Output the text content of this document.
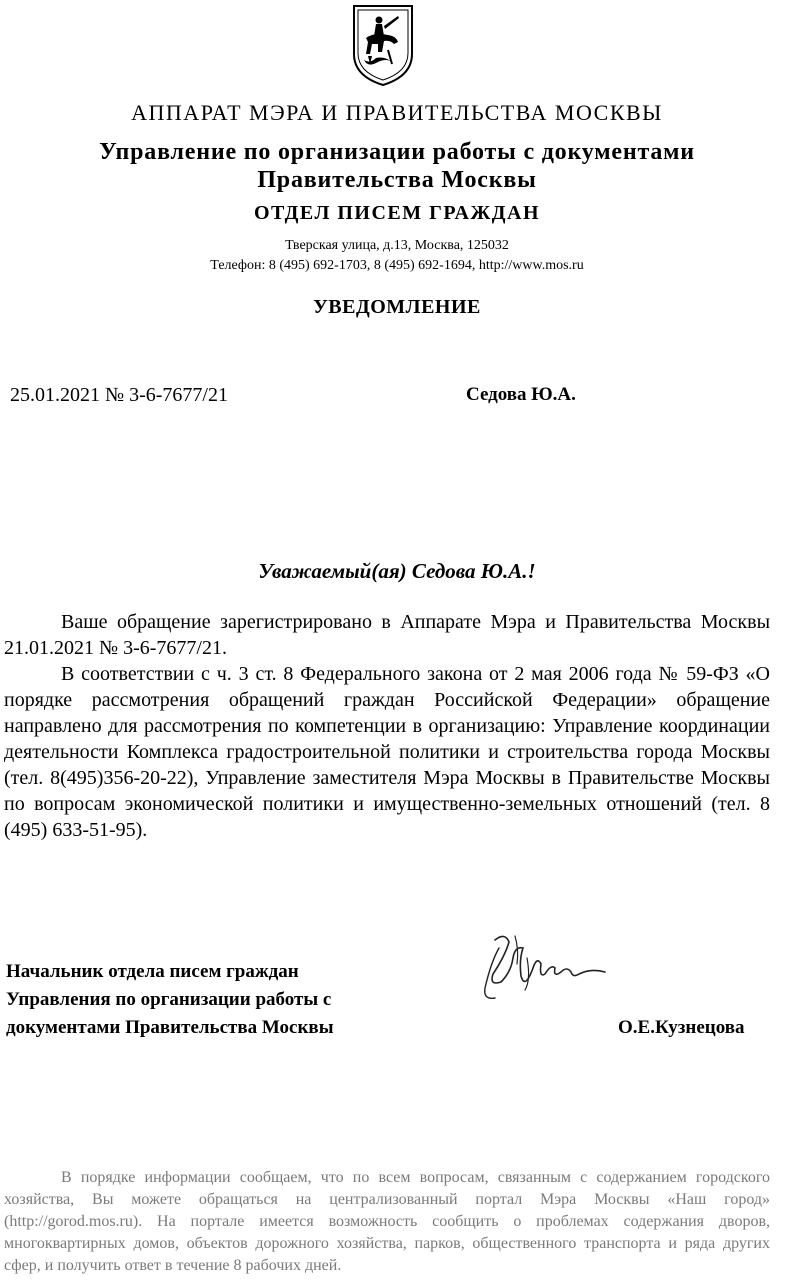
АППАРАТ МЭРА И ПРАВИТЕЛЬСТВА МОСКВЫ
Управление по организации работы с документами
Правительства Москвы
ОТДЕЛ ПИСЕМ ГРАЖДАН
Тверская улица, д.13, Москва, 125032
Телефон: 8 (495) 692-1703, 8 (495) 692-1694, http://www.mos.ru
УВЕДОМЛЕНИЕ
25.01.2021 № 3-6-7677/21	Седова Ю.А.
Уважаемый(ая) Седова Ю.А.!

Ваше обращение зарегистрировано в Аппарате Мэра и Правительства Москвы 21.01.2021 № 3-6-7677/21.

В соответствии с ч. 3 ст. 8 Федерального закона от 2 мая 2006 года № 59-ФЗ «О порядке рассмотрения обращений граждан Российской Федерации» обращение направлено для рассмотрения по компетенции в организацию: Управление координации деятельности Комплекса градостроительной политики и строительства города Москвы (тел. 8(495)356-20-22), Управление заместителя Мэра Москвы в Правительстве Москвы по вопросам экономической политики и имущественно-земельных отношений (тел. 8 (495) 633-51-95).

Начальник отдела писем граждан
Управления по организации работы с
документами Правительства Москвы	О.Е.Кузнецова

В порядке информации сообщаем, что по всем вопросам, связанным с содержанием городского хозяйства, Вы можете обращаться на централизованный портал Мэра Москвы «Наш город» (http://gorod.mos.ru). На портале имеется возможность сообщить о проблемах содержания дворов, многоквартирных домов, объектов дорожного хозяйства, парков, общественного транспорта и ряда других сфер, и получить ответ в течение 8 рабочих дней.
